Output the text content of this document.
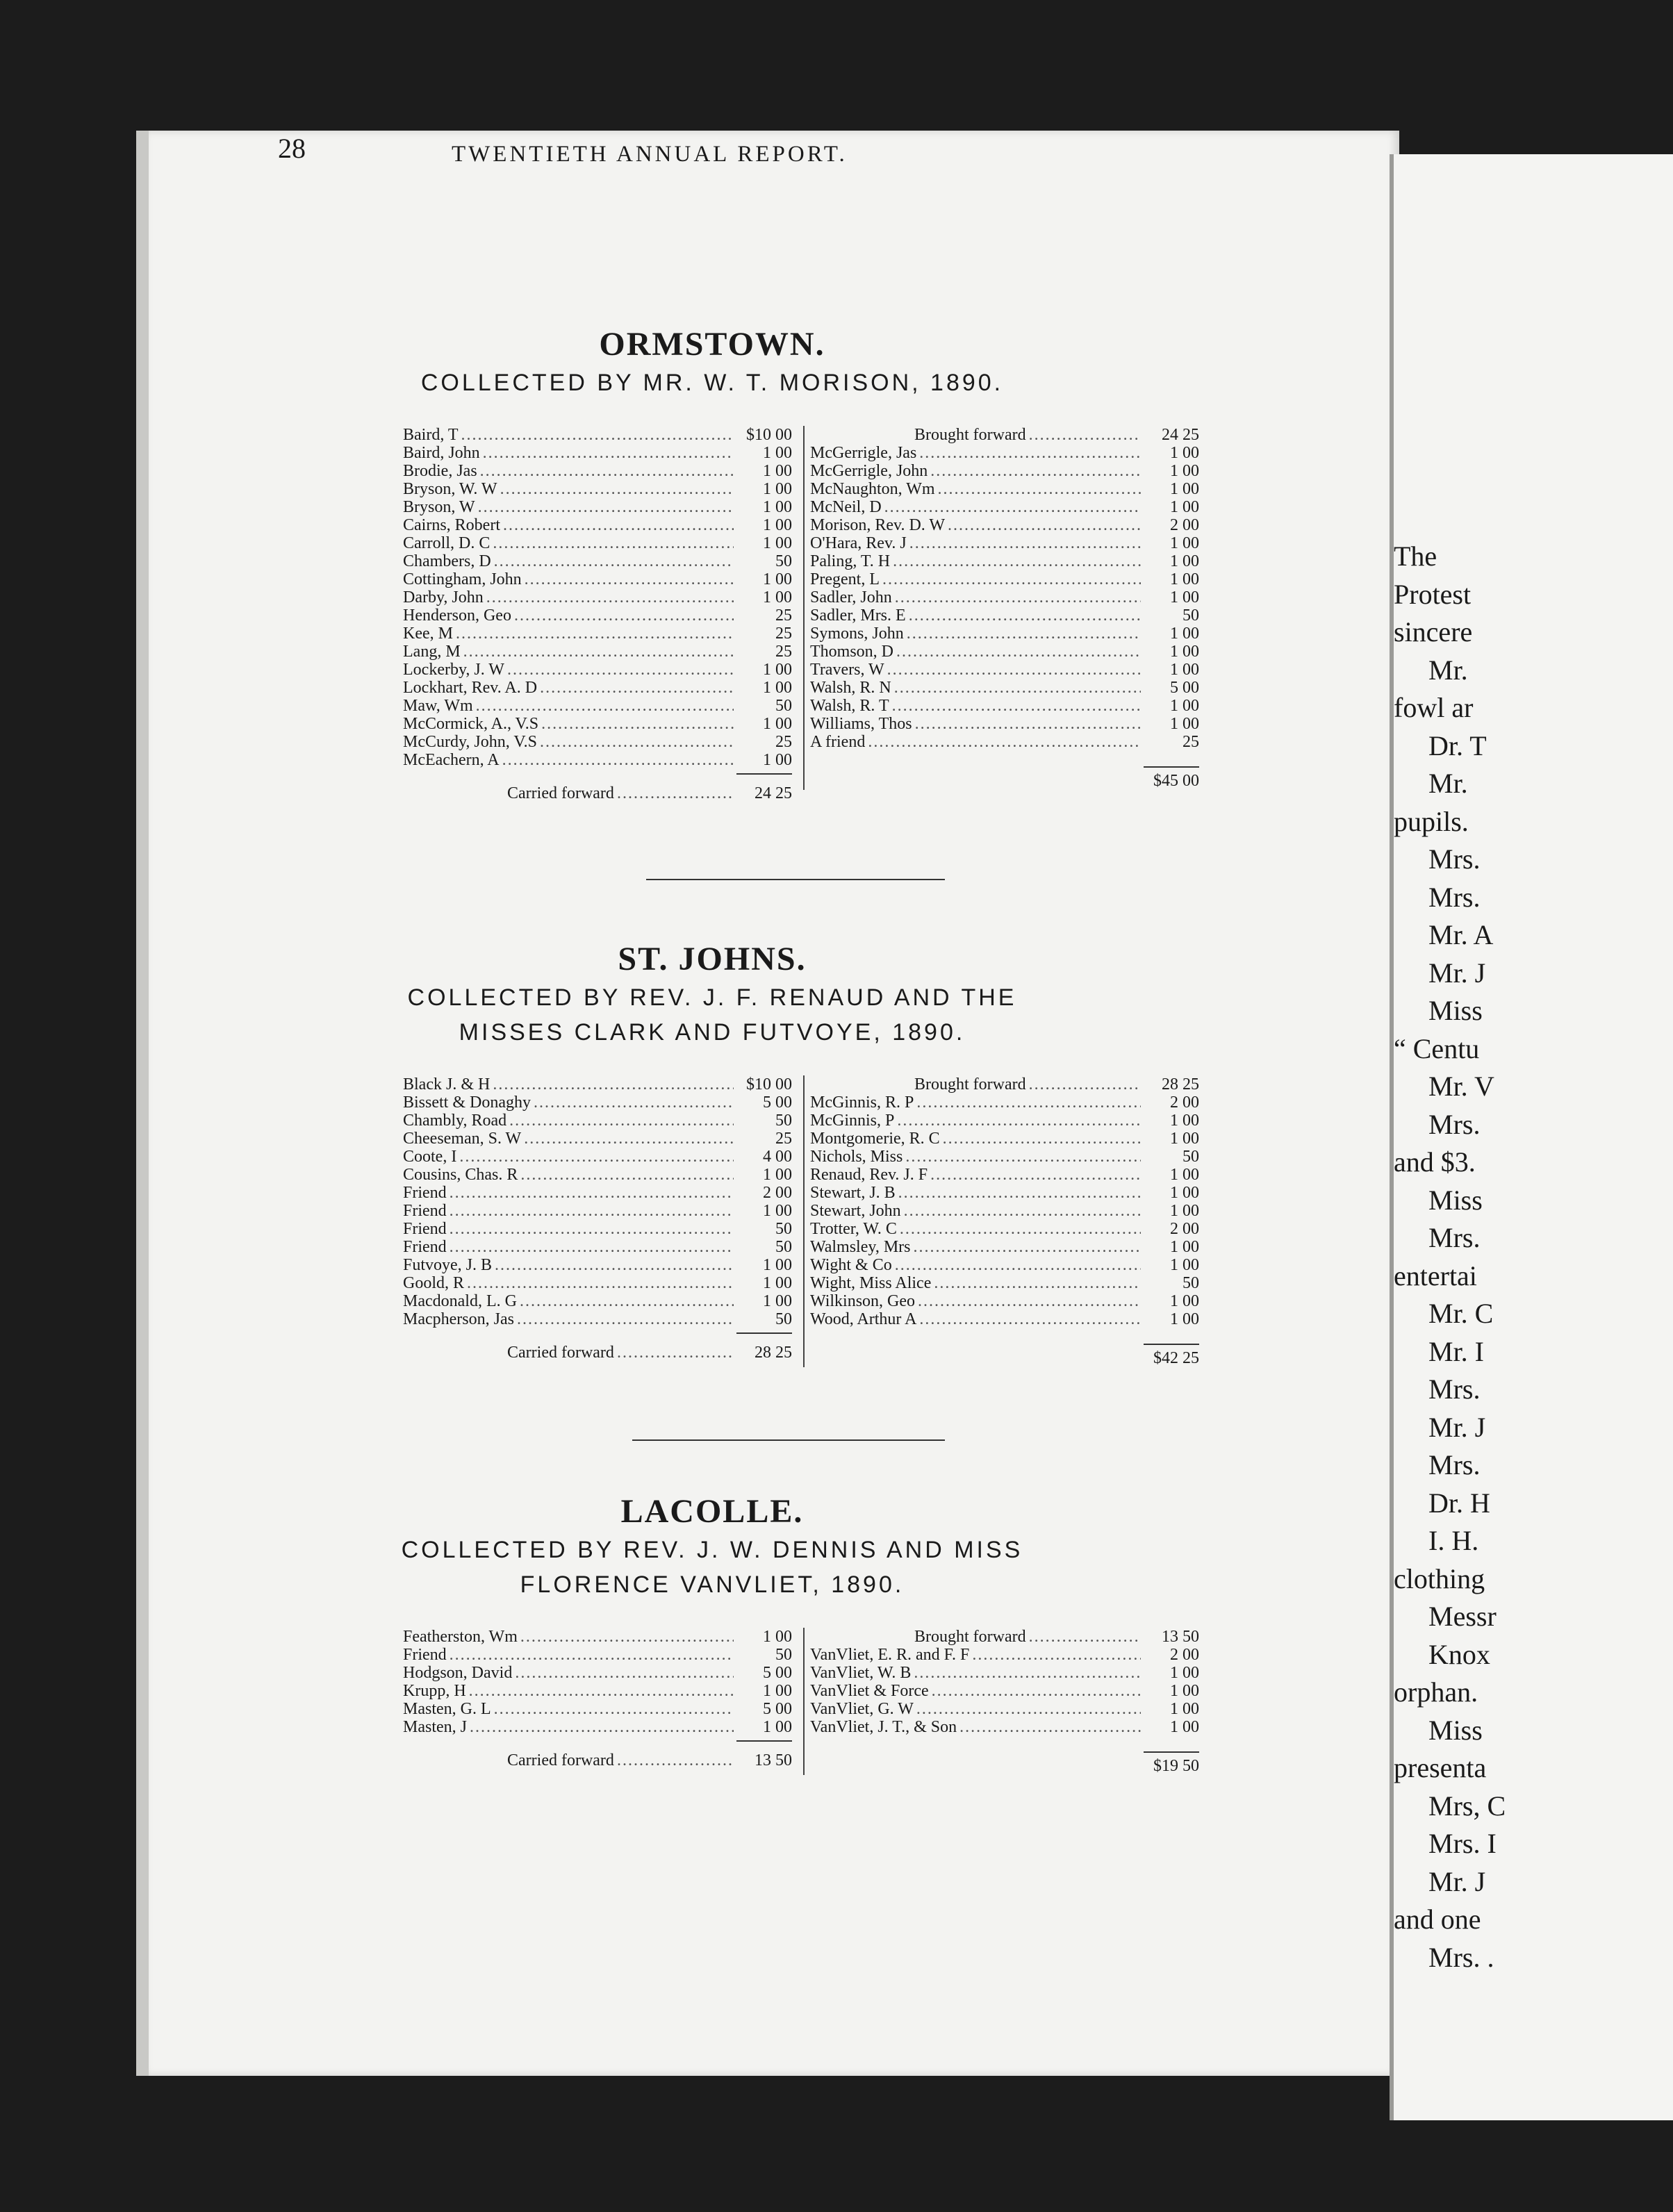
The
Protest
sincere
Mr.
fowl ar
Dr. T
Mr.
pupils.
Mrs.
Mrs.
Mr. A
Mr. J
Miss
“ Centu
Mr. V
Mrs.
and $3.
Miss
Mrs.
entertai
Mr. C
Mr. I
Mrs.
Mr. J
Mrs.
Dr. H
I. H.
clothing
Messr
Knox
orphan.
Miss
presenta
Mrs, C
Mrs. I
Mr. J
and one
Mrs. .
28	TWENTIETH ANNUAL REPORT.
ORMSTOWN.

COLLECTED BY MR. W. T. MORISON, 1890.

Baird, T .....	$10 00
Baird, John .....	1 00
Brodie, Jas .....	1 00
Bryson, W. W .....	1 00
Bryson, W .....	1 00
Cairns, Robert .....	1 00
Carroll, D. C .....	1 00
Chambers, D .....	50
Cottingham, John .....	1 00
Darby, John .....	1 00
Henderson, Geo .....	25
Kee, M .....	25
Lang, M .....	25
Lockerby, J. W .....	1 00
Lockhart, Rev. A. D .....	1 00
Maw, Wm .....	50
McCormick, A., V.S .....	1 00
McCurdy, John, V.S .....	25
McEachern, A .....	1 00

Carried forward .....	24 25
Brought forward .....	24 25
McGerrigle, Jas .....	1 00
McGerrigle, John .....	1 00
McNaughton, Wm .....	1 00
McNeil, D .....	1 00
Morison, Rev. D. W .....	2 00
O'Hara, Rev. J .....	1 00
Paling, T. H .....	1 00
Pregent, L .....	1 00
Sadler, John .....	1 00
Sadler, Mrs. E .....	50
Symons, John .....	1 00
Thomson, D .....	1 00
Travers, W .....	1 00
Walsh, R. N .....	5 00
Walsh, R. T .....	1 00
Williams, Thos .....	1 00
A friend .....	25
$45 00
ST. JOHNS.

COLLECTED BY REV. J. F. RENAUD AND THE

MISSES CLARK AND FUTVOYE, 1890.

Black J. & H .....	$10 00
Bissett & Donaghy .....	5 00
Chambly, Road .....	50
Cheeseman, S. W .....	25
Coote, I .....	4 00
Cousins, Chas. R .....	1 00
Friend .....	2 00
Friend .....	1 00
Friend .....	50
Friend .....	50
Futvoye, J. B .....	1 00
Goold, R .....	1 00
Macdonald, L. G .....	1 00
Macpherson, Jas .....	50

Carried forward .....	28 25
Brought forward .....	28 25
McGinnis, R. P .....	2 00
McGinnis, P .....	1 00
Montgomerie, R. C .....	1 00
Nichols, Miss .....	50
Renaud, Rev. J. F .....	1 00
Stewart, J. B .....	1 00
Stewart, John .....	1 00
Trotter, W. C .....	2 00
Walmsley, Mrs .....	1 00
Wight & Co .....	1 00
Wight, Miss Alice .....	50
Wilkinson, Geo .....	1 00
Wood, Arthur A .....	1 00
$42 25
LACOLLE.

COLLECTED BY REV. J. W. DENNIS AND MISS

FLORENCE VANVLIET, 1890.

Featherston, Wm .....	1 00
Friend .....	50
Hodgson, David .....	5 00
Krupp, H .....	1 00
Masten, G. L .....	5 00
Masten, J .....	1 00

Carried forward .....	13 50
Brought forward .....	13 50
VanVliet, E. R. and F. F .....	2 00
VanVliet, W. B .....	1 00
VanVliet & Force .....	1 00
VanVliet, G. W .....	1 00
VanVliet, J. T., & Son .....	1 00
$19 50
